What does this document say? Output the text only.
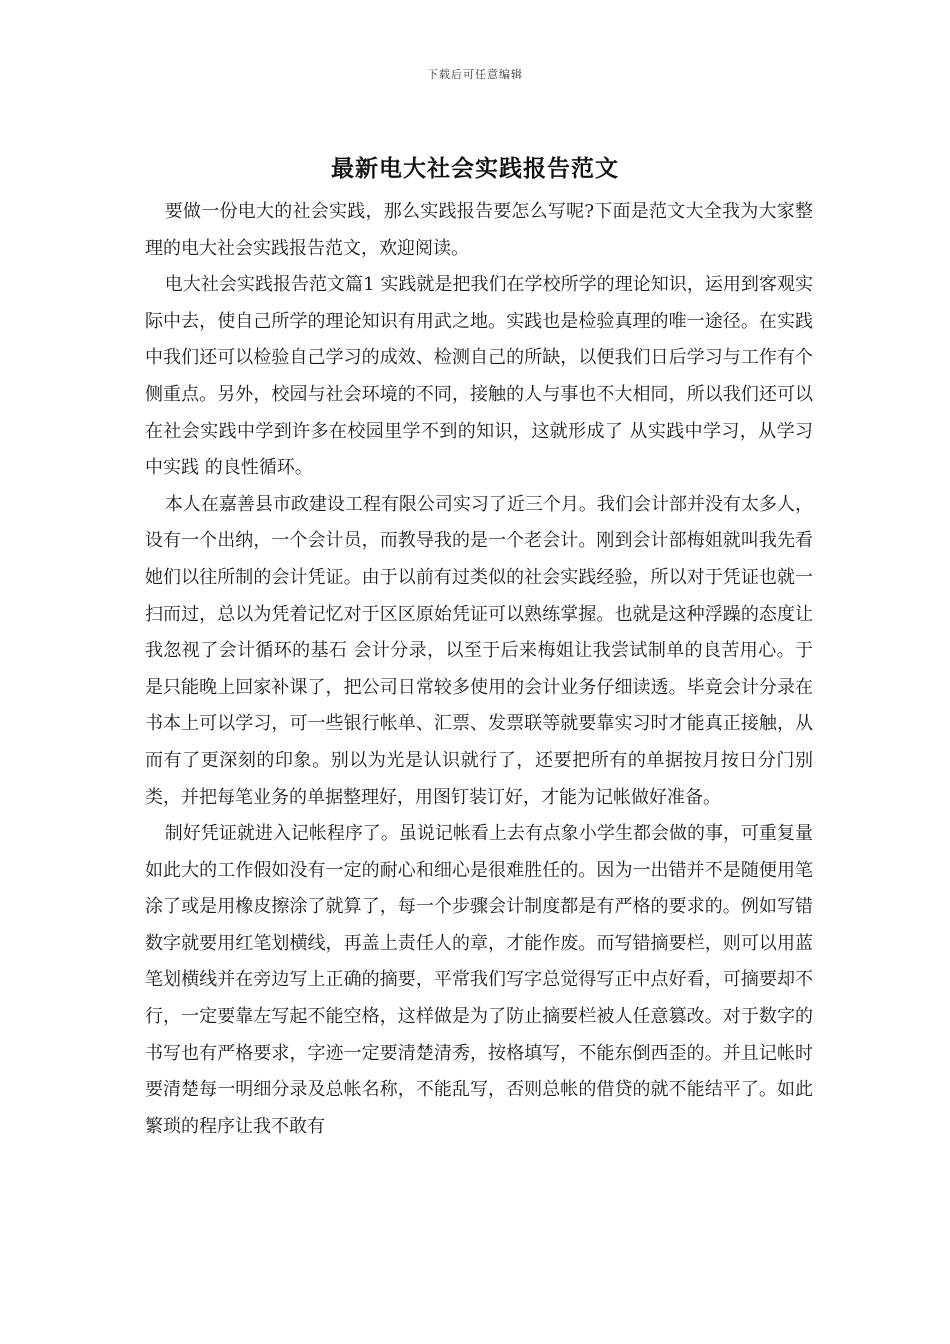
下载后可任意编辑
最新电大社会实践报告范文

要做一份电大的社会实践，那么实践报告要怎么写呢?下面是范文大全我为大家整理的电大社会实践报告范文，欢迎阅读。

电大社会实践报告范文篇1 实践就是把我们在学校所学的理论知识，运用到客观实际中去，使自己所学的理论知识有用武之地。实践也是检验真理的唯一途径。在实践中我们还可以检验自己学习的成效、检测自己的所缺，以便我们日后学习与工作有个侧重点。另外，校园与社会环境的不同，接触的人与事也不大相同，所以我们还可以在社会实践中学到许多在校园里学不到的知识，这就形成了 从实践中学习，从学习中实践 的良性循环。

本人在嘉善县市政建设工程有限公司实习了近三个月。我们会计部并没有太多人，设有一个出纳，一个会计员，而教导我的是一个老会计。刚到会计部梅姐就叫我先看她们以往所制的会计凭证。由于以前有过类似的社会实践经验，所以对于凭证也就一扫而过，总以为凭着记忆对于区区原始凭证可以熟练掌握。也就是这种浮躁的态度让我忽视了会计循环的基石 会计分录，以至于后来梅姐让我尝试制单的良苦用心。于是只能晚上回家补课了，把公司日常较多使用的会计业务仔细读透。毕竟会计分录在书本上可以学习，可一些银行帐单、汇票、发票联等就要靠实习时才能真正接触，从而有了更深刻的印象。别以为光是认识就行了，还要把所有的单据按月按日分门别类，并把每笔业务的单据整理好，用图钉装订好，才能为记帐做好准备。

制好凭证就进入记帐程序了。虽说记帐看上去有点象小学生都会做的事，可重复量如此大的工作假如没有一定的耐心和细心是很难胜任的。因为一出错并不是随便用笔涂了或是用橡皮擦涂了就算了，每一个步骤会计制度都是有严格的要求的。例如写错数字就要用红笔划横线，再盖上责任人的章，才能作废。而写错摘要栏，则可以用蓝笔划横线并在旁边写上正确的摘要，平常我们写字总觉得写正中点好看，可摘要却不行，一定要靠左写起不能空格，这样做是为了防止摘要栏被人任意篡改。对于数字的书写也有严格要求，字迹一定要清楚清秀，按格填写，不能东倒西歪的。并且记帐时要清楚每一明细分录及总帐名称，不能乱写，否则总帐的借贷的就不能结平了。如此繁琐的程序让我不敢有
